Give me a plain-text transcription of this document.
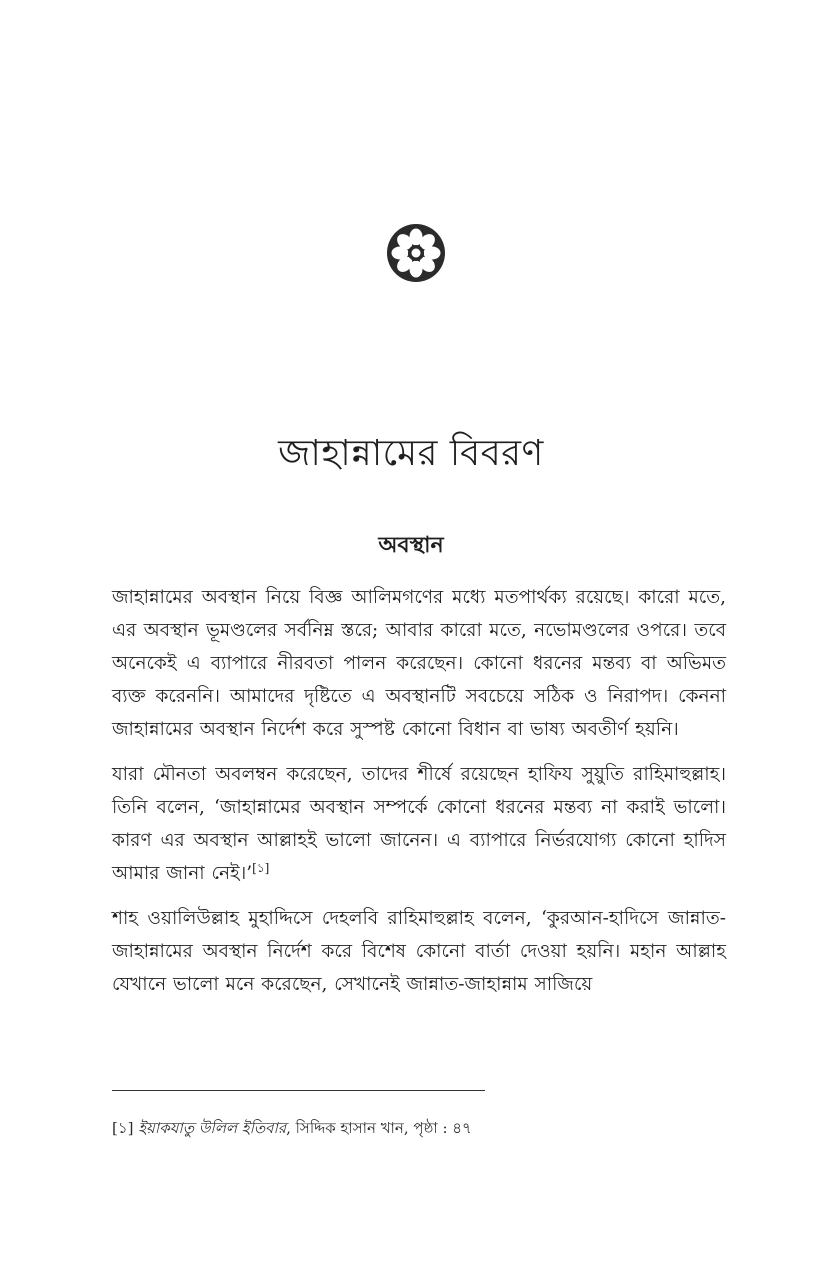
জাহান্নামের বিবরণ
অবস্থান

জাহান্নামের অবস্থান নিয়ে বিজ্ঞ আলিমগণের মধ্যে মতপার্থক্য রয়েছে। কারো মতে, এর অবস্থান ভূমণ্ডলের সর্বনিম্ন স্তরে; আবার কারো মতে, নভোমণ্ডলের ওপরে। তবে অনেকেই এ ব্যাপারে নীরবতা পালন করেছেন। কোনো ধরনের মন্তব্য বা অভিমত ব্যক্ত করেননি। আমাদের দৃষ্টিতে এ অবস্থানটি সবচেয়ে সঠিক ও নিরাপদ। কেননা জাহান্নামের অবস্থান নির্দেশ করে সুস্পষ্ট কোনো বিধান বা ভাষ্য অবতীর্ণ হয়নি।

যারা মৌনতা অবলম্বন করেছেন, তাদের শীর্ষে রয়েছেন হাফিয সুয়ুতি রাহিমাহুল্লাহ। তিনি বলেন, ‘জাহান্নামের অবস্থান সম্পর্কে কোনো ধরনের মন্তব্য না করাই ভালো। কারণ এর অবস্থান আল্লাহই ভালো জানেন। এ ব্যাপারে নির্ভরযোগ্য কোনো হাদিস আমার জানা নেই।’[১]

শাহ ওয়ালিউল্লাহ মুহাদ্দিসে দেহলবি রাহিমাহুল্লাহ বলেন, ‘কুরআন-হাদিসে জান্নাত-জাহান্নামের অবস্থান নির্দেশ করে বিশেষ কোনো বার্তা দেওয়া হয়নি। মহান আল্লাহ যেখানে ভালো মনে করেছেন, সেখানেই জান্নাত-জাহান্নাম সাজিয়ে

[১] ইয়াকযাতু উলিল ইতিবার, সিদ্দিক হাসান খান, পৃষ্ঠা : ৪৭
